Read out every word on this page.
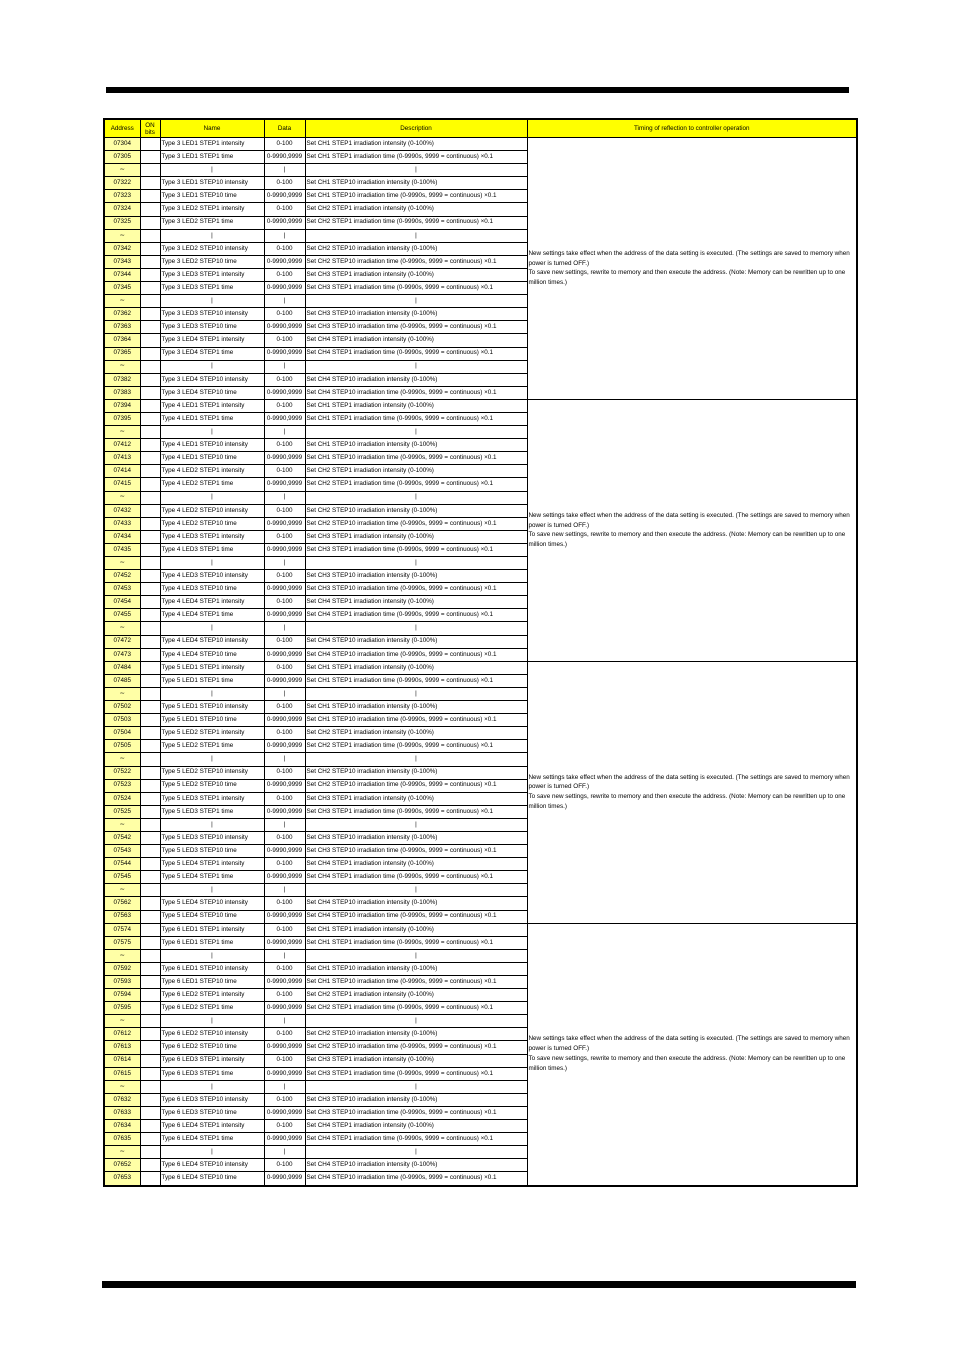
Address	ON bits	Name	Data	Description	Timing of reflection to controller operation
07304		Type 3 LED1 STEP1 intensity	0-100	Set CH1 STEP1 irradiation intensity (0-100%)	New settings take effect when the address of the data setting is executed. (The settings are saved to memory when power is turned OFF.)
To save new settings, rewrite to memory and then execute the address. (Note: Memory can be rewritten up to one million times.)
07305		Type 3 LED1 STEP1 time	0-9990,9999	Set CH1 STEP1 irradiation time (0-9990s, 9999 = continuous) ×0.1	
∼		|	|	|	
07322		Type 3 LED1 STEP10 intensity	0-100	Set CH1 STEP10 irradiation intensity (0-100%)	
07323		Type 3 LED1 STEP10 time	0-9990,9999	Set CH1 STEP10 irradiation time (0-9990s, 9999 = continuous) ×0.1	
07324		Type 3 LED2 STEP1 intensity	0-100	Set CH2 STEP1 irradiation intensity (0-100%)	
07325		Type 3 LED2 STEP1 time	0-9990,9999	Set CH2 STEP1 irradiation time (0-9990s, 9999 = continuous) ×0.1	
∼		|	|	|	
07342		Type 3 LED2 STEP10 intensity	0-100	Set CH2 STEP10 irradiation intensity (0-100%)	
07343		Type 3 LED2 STEP10 time	0-9990,9999	Set CH2 STEP10 irradiation time (0-9990s, 9999 = continuous) ×0.1	
07344		Type 3 LED3 STEP1 intensity	0-100	Set CH3 STEP1 irradiation intensity (0-100%)	
07345		Type 3 LED3 STEP1 time	0-9990,9999	Set CH3 STEP1 irradiation time (0-9990s, 9999 = continuous) ×0.1	
∼		|	|	|	
07362		Type 3 LED3 STEP10 intensity	0-100	Set CH3 STEP10 irradiation intensity (0-100%)	
07363		Type 3 LED3 STEP10 time	0-9990,9999	Set CH3 STEP10 irradiation time (0-9990s, 9999 = continuous) ×0.1	
07364		Type 3 LED4 STEP1 intensity	0-100	Set CH4 STEP1 irradiation intensity (0-100%)	
07365		Type 3 LED4 STEP1 time	0-9990,9999	Set CH4 STEP1 irradiation time (0-9990s, 9999 = continuous) ×0.1	
∼		|	|	|	
07382		Type 3 LED4 STEP10 intensity	0-100	Set CH4 STEP10 irradiation intensity (0-100%)	
07383		Type 3 LED4 STEP10 time	0-9990,9999	Set CH4 STEP10 irradiation time (0-9990s, 9999 = continuous) ×0.1	
07394		Type 4 LED1 STEP1 intensity	0-100	Set CH1 STEP1 irradiation intensity (0-100%)	New settings take effect when the address of the data setting is executed. (The settings are saved to memory when power is turned OFF.)
To save new settings, rewrite to memory and then execute the address. (Note: Memory can be rewritten up to one million times.)
07395		Type 4 LED1 STEP1 time	0-9990,9999	Set CH1 STEP1 irradiation time (0-9990s, 9999 = continuous) ×0.1	
∼		|	|	|	
07412		Type 4 LED1 STEP10 intensity	0-100	Set CH1 STEP10 irradiation intensity (0-100%)	
07413		Type 4 LED1 STEP10 time	0-9990,9999	Set CH1 STEP10 irradiation time (0-9990s, 9999 = continuous) ×0.1	
07414		Type 4 LED2 STEP1 intensity	0-100	Set CH2 STEP1 irradiation intensity (0-100%)	
07415		Type 4 LED2 STEP1 time	0-9990,9999	Set CH2 STEP1 irradiation time (0-9990s, 9999 = continuous) ×0.1	
∼		|	|	|	
07432		Type 4 LED2 STEP10 intensity	0-100	Set CH2 STEP10 irradiation intensity (0-100%)	
07433		Type 4 LED2 STEP10 time	0-9990,9999	Set CH2 STEP10 irradiation time (0-9990s, 9999 = continuous) ×0.1	
07434		Type 4 LED3 STEP1 intensity	0-100	Set CH3 STEP1 irradiation intensity (0-100%)	
07435		Type 4 LED3 STEP1 time	0-9990,9999	Set CH3 STEP1 irradiation time (0-9990s, 9999 = continuous) ×0.1	
∼		|	|	|	
07452		Type 4 LED3 STEP10 intensity	0-100	Set CH3 STEP10 irradiation intensity (0-100%)	
07453		Type 4 LED3 STEP10 time	0-9990,9999	Set CH3 STEP10 irradiation time (0-9990s, 9999 = continuous) ×0.1	
07454		Type 4 LED4 STEP1 intensity	0-100	Set CH4 STEP1 irradiation intensity (0-100%)	
07455		Type 4 LED4 STEP1 time	0-9990,9999	Set CH4 STEP1 irradiation time (0-9990s, 9999 = continuous) ×0.1	
∼		|	|	|	
07472		Type 4 LED4 STEP10 intensity	0-100	Set CH4 STEP10 irradiation intensity (0-100%)	
07473		Type 4 LED4 STEP10 time	0-9990,9999	Set CH4 STEP10 irradiation time (0-9990s, 9999 = continuous) ×0.1	
07484		Type 5 LED1 STEP1 intensity	0-100	Set CH1 STEP1 irradiation intensity (0-100%)	New settings take effect when the address of the data setting is executed. (The settings are saved to memory when power is turned OFF.)
To save new settings, rewrite to memory and then execute the address. (Note: Memory can be rewritten up to one million times.)
07485		Type 5 LED1 STEP1 time	0-9990,9999	Set CH1 STEP1 irradiation time (0-9990s, 9999 = continuous) ×0.1	
∼		|	|	|	
07502		Type 5 LED1 STEP10 intensity	0-100	Set CH1 STEP10 irradiation intensity (0-100%)	
07503		Type 5 LED1 STEP10 time	0-9990,9999	Set CH1 STEP10 irradiation time (0-9990s, 9999 = continuous) ×0.1	
07504		Type 5 LED2 STEP1 intensity	0-100	Set CH2 STEP1 irradiation intensity (0-100%)	
07505		Type 5 LED2 STEP1 time	0-9990,9999	Set CH2 STEP1 irradiation time (0-9990s, 9999 = continuous) ×0.1	
∼		|	|	|	
07522		Type 5 LED2 STEP10 intensity	0-100	Set CH2 STEP10 irradiation intensity (0-100%)	
07523		Type 5 LED2 STEP10 time	0-9990,9999	Set CH2 STEP10 irradiation time (0-9990s, 9999 = continuous) ×0.1	
07524		Type 5 LED3 STEP1 intensity	0-100	Set CH3 STEP1 irradiation intensity (0-100%)	
07525		Type 5 LED3 STEP1 time	0-9990,9999	Set CH3 STEP1 irradiation time (0-9990s, 9999 = continuous) ×0.1	
∼		|	|	|	
07542		Type 5 LED3 STEP10 intensity	0-100	Set CH3 STEP10 irradiation intensity (0-100%)	
07543		Type 5 LED3 STEP10 time	0-9990,9999	Set CH3 STEP10 irradiation time (0-9990s, 9999 = continuous) ×0.1	
07544		Type 5 LED4 STEP1 intensity	0-100	Set CH4 STEP1 irradiation intensity (0-100%)	
07545		Type 5 LED4 STEP1 time	0-9990,9999	Set CH4 STEP1 irradiation time (0-9990s, 9999 = continuous) ×0.1	
∼		|	|	|	
07562		Type 5 LED4 STEP10 intensity	0-100	Set CH4 STEP10 irradiation intensity (0-100%)	
07563		Type 5 LED4 STEP10 time	0-9990,9999	Set CH4 STEP10 irradiation time (0-9990s, 9999 = continuous) ×0.1	
07574		Type 6 LED1 STEP1 intensity	0-100	Set CH1 STEP1 irradiation intensity (0-100%)	New settings take effect when the address of the data setting is executed. (The settings are saved to memory when power is turned OFF.)
To save new settings, rewrite to memory and then execute the address. (Note: Memory can be rewritten up to one million times.)
07575		Type 6 LED1 STEP1 time	0-9990,9999	Set CH1 STEP1 irradiation time (0-9990s, 9999 = continuous) ×0.1	
∼		|	|	|	
07592		Type 6 LED1 STEP10 intensity	0-100	Set CH1 STEP10 irradiation intensity (0-100%)	
07593		Type 6 LED1 STEP10 time	0-9990,9999	Set CH1 STEP10 irradiation time (0-9990s, 9999 = continuous) ×0.1	
07594		Type 6 LED2 STEP1 intensity	0-100	Set CH2 STEP1 irradiation intensity (0-100%)	
07595		Type 6 LED2 STEP1 time	0-9990,9999	Set CH2 STEP1 irradiation time (0-9990s, 9999 = continuous) ×0.1	
∼		|	|	|	
07612		Type 6 LED2 STEP10 intensity	0-100	Set CH2 STEP10 irradiation intensity (0-100%)	
07613		Type 6 LED2 STEP10 time	0-9990,9999	Set CH2 STEP10 irradiation time (0-9990s, 9999 = continuous) ×0.1	
07614		Type 6 LED3 STEP1 intensity	0-100	Set CH3 STEP1 irradiation intensity (0-100%)	
07615		Type 6 LED3 STEP1 time	0-9990,9999	Set CH3 STEP1 irradiation time (0-9990s, 9999 = continuous) ×0.1	
∼		|	|	|	
07632		Type 6 LED3 STEP10 intensity	0-100	Set CH3 STEP10 irradiation intensity (0-100%)	
07633		Type 6 LED3 STEP10 time	0-9990,9999	Set CH3 STEP10 irradiation time (0-9990s, 9999 = continuous) ×0.1	
07634		Type 6 LED4 STEP1 intensity	0-100	Set CH4 STEP1 irradiation intensity (0-100%)	
07635		Type 6 LED4 STEP1 time	0-9990,9999	Set CH4 STEP1 irradiation time (0-9990s, 9999 = continuous) ×0.1	
∼		|	|	|	
07652		Type 6 LED4 STEP10 intensity	0-100	Set CH4 STEP10 irradiation intensity (0-100%)	
07653		Type 6 LED4 STEP10 time	0-9990,9999	Set CH4 STEP10 irradiation time (0-9990s, 9999 = continuous) ×0.1	
